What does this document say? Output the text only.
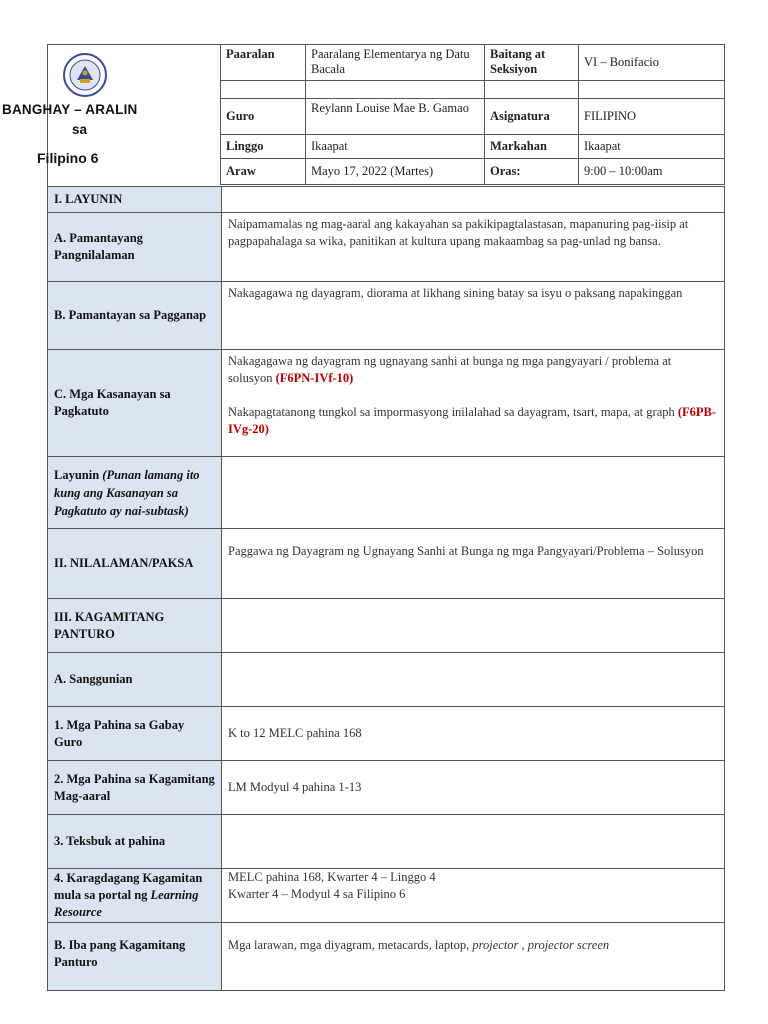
BANGHAY – ARALIN
sa
Filipino 6
Paaralan	Paaralang Elementarya ng Datu Bacala	Baitang at Seksiyon	VI – Bonifacio

Guro	Reylann Louise Mae B. Gamao	Asignatura	FILIPINO
Linggo	Ikaapat	Markahan	Ikaapat
Araw	Mayo 17, 2022 (Martes)	Oras:	9:00 – 10:00am
I. LAYUNIN	
A. Pamantayang Pangnilalaman	Naipamamalas ng mag-aaral ang kakayahan sa pakikipagtalastasan, mapanuring pag-iisip at pagpapahalaga sa wika, panitikan at kultura upang makaambag sa pag-unlad ng bansa.
B. Pamantayan sa Pagganap	Nakagagawa ng dayagram, diorama at likhang sining batay sa isyu o paksang napakinggan
C. Mga Kasanayan sa Pagkatuto	Nakagagawa ng dayagram ng ugnayang sanhi at bunga ng mga pangyayari / problema at solusyon (F6PN-IVf-10)
Nakapagtatanong tungkol sa impormasyong inilalahad sa dayagram, tsart, mapa, at graph (F6PB-IVg-20)

Layunin (Punan lamang ito kung ang Kasanayan sa Pagkatuto ay nai-subtask)	
II. NILALAMAN/PAKSA	Paggawa ng Dayagram ng Ugnayang Sanhi at Bunga ng mga Pangyayari/Problema – Solusyon
III. KAGAMITANG PANTURO	
A. Sanggunian	
1. Mga Pahina sa Gabay Guro	K to 12 MELC pahina 168
2. Mga Pahina sa Kagamitang Mag-aaral	LM Modyul 4 pahina 1-13
3. Teksbuk at pahina	
4. Karagdagang Kagamitan mula sa portal ng Learning Resource	MELC pahina 168, Kwarter 4 – Linggo 4
Kwarter 4 – Modyul 4 sa Filipino 6

B. Iba pang Kagamitang Panturo	Mga larawan, mga diyagram, metacards, laptop, projector , projector screen
